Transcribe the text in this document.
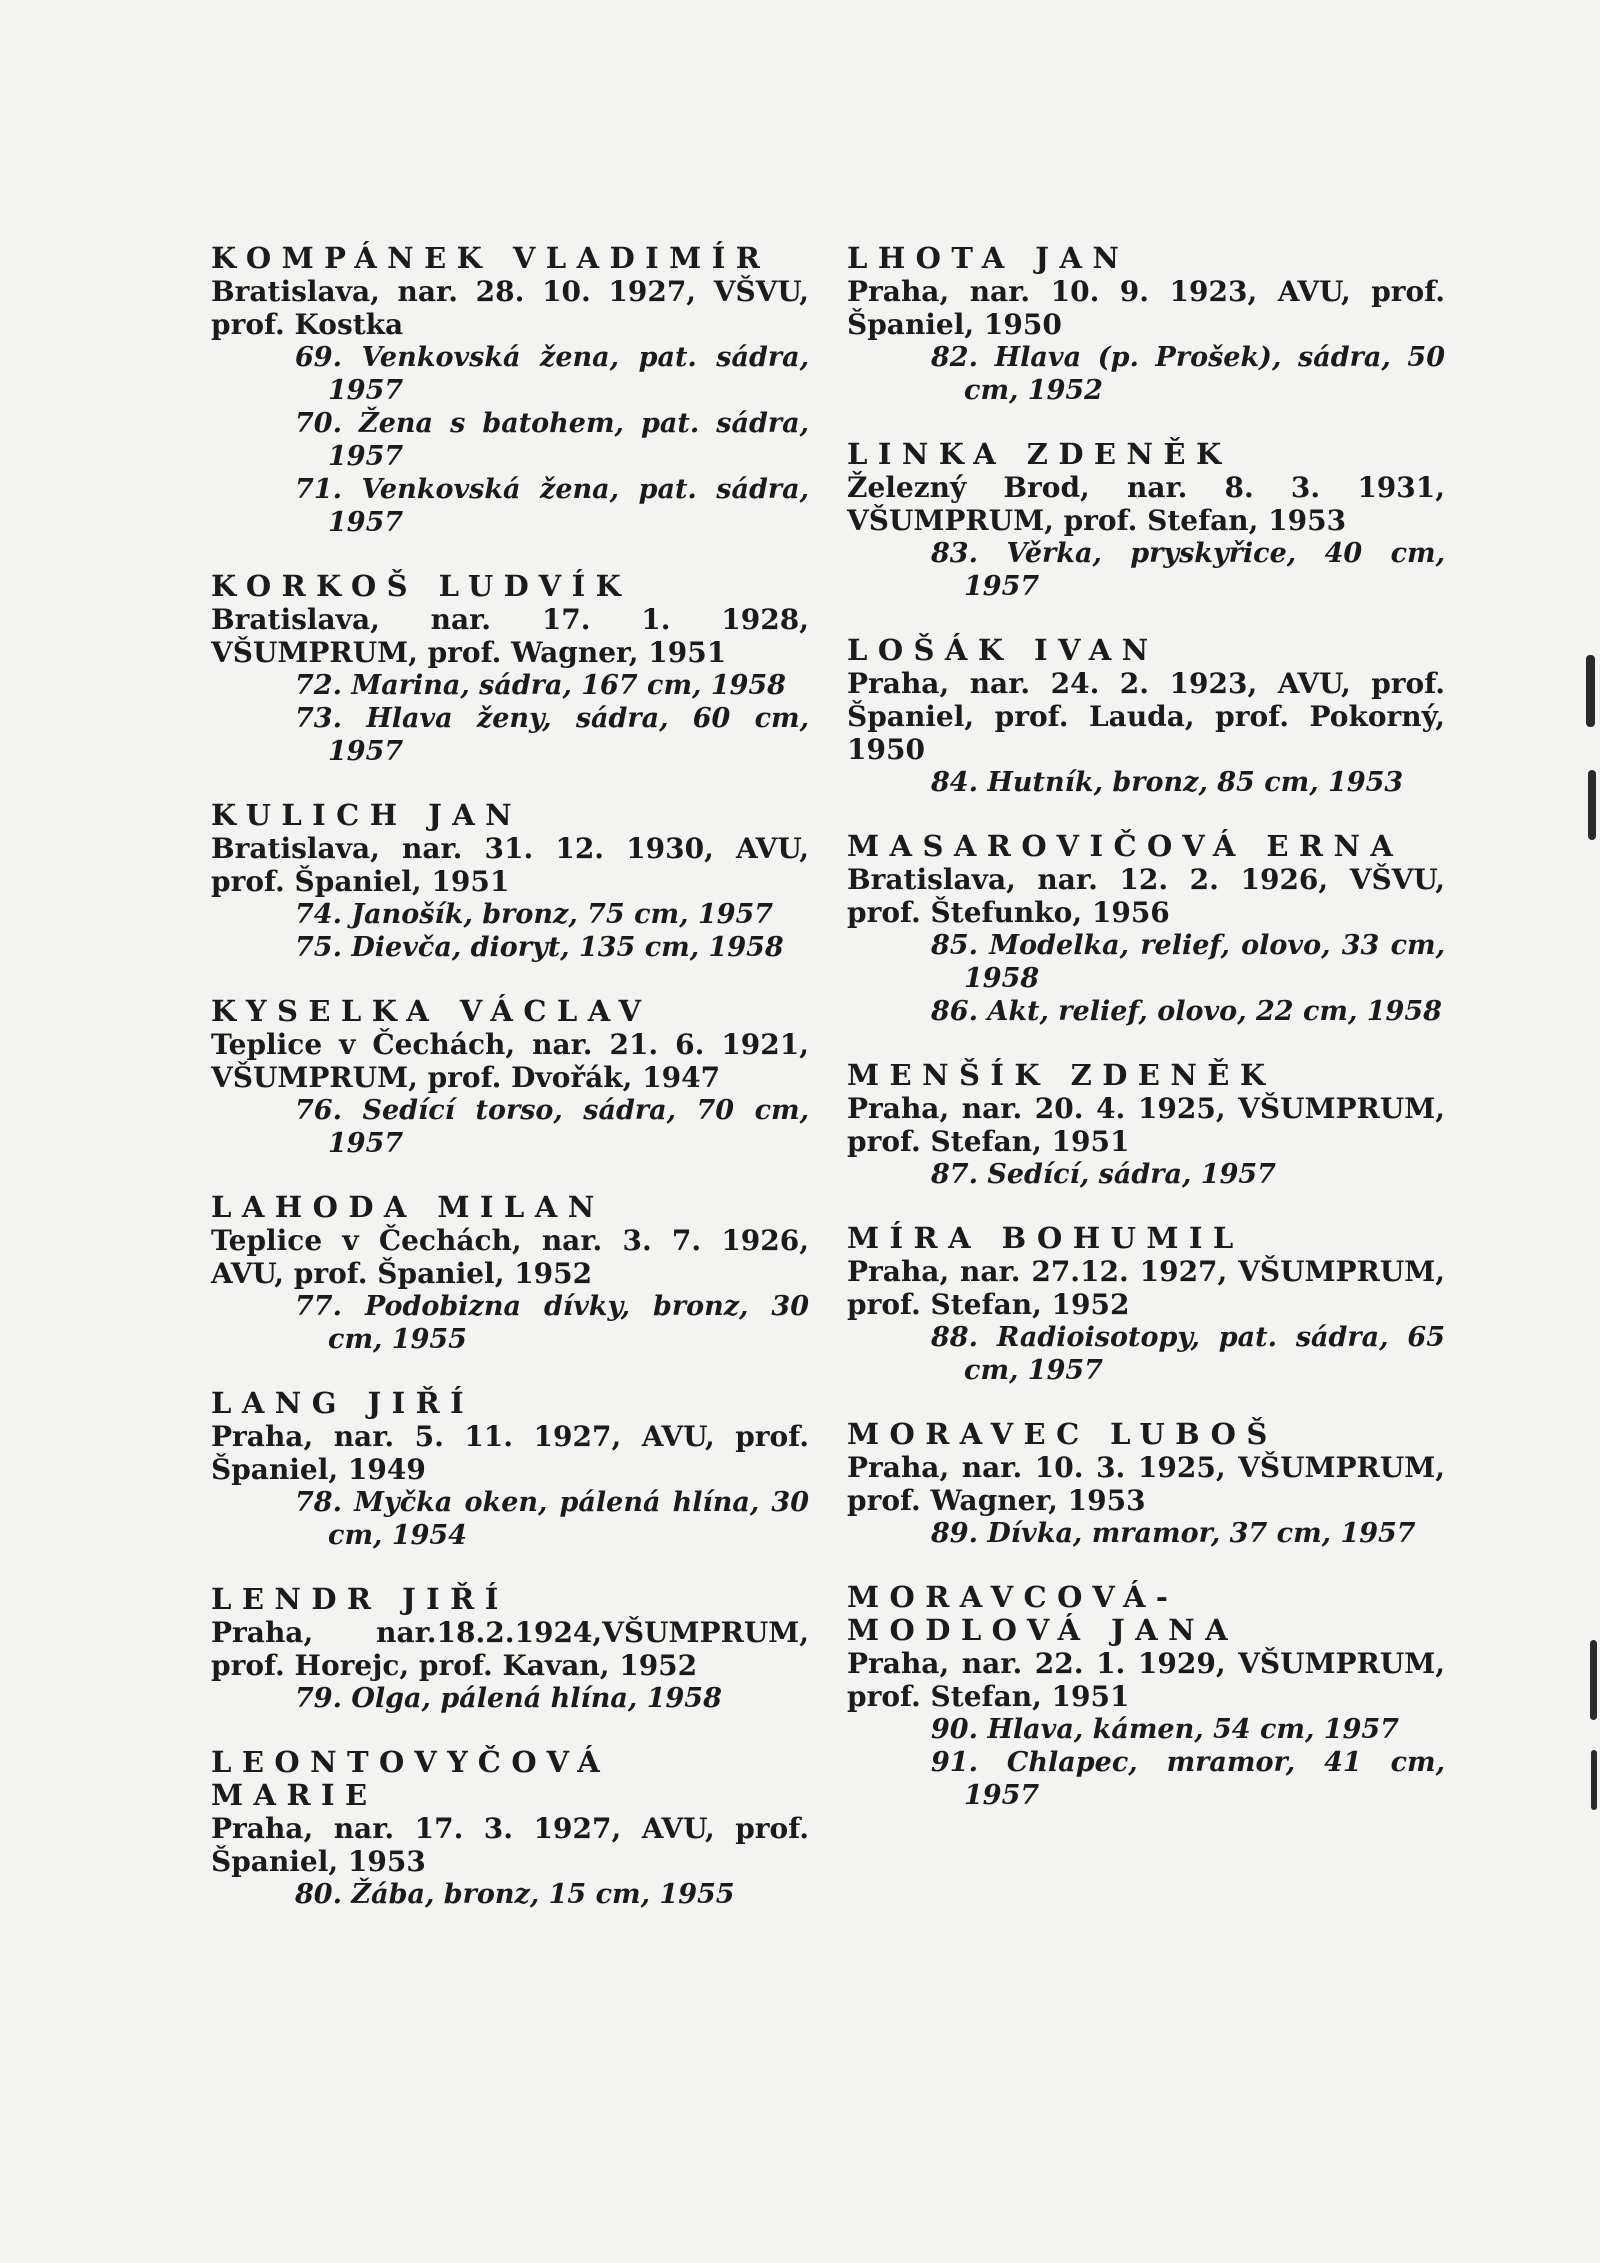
KOMPÁNEK VLADIMÍR
Bratislava, nar. 28. 10. 1927, VŠVU, prof. Kostka
69. Venkovská žena, pat. sádra, 1957
70. Žena s batohem, pat. sádra, 1957
71. Venkovská žena, pat. sádra, 1957
KORKOŠ LUDVÍK
Bratislava, nar. 17. 1. 1928, VŠUMPRUM, prof. Wagner, 1951
72. Marina, sádra, 167 cm, 1958
73. Hlava ženy, sádra, 60 cm, 1957
KULICH JAN
Bratislava, nar. 31. 12. 1930, AVU, prof. Španiel, 1951
74. Janošík, bronz, 75 cm, 1957
75. Dievča, dioryt, 135 cm, 1958
KYSELKA VÁCLAV
Teplice v Čechách, nar. 21. 6. 1921, VŠUMPRUM, prof. Dvořák, 1947
76. Sedící torso, sádra, 70 cm, 1957
LAHODA MILAN
Teplice v Čechách, nar. 3. 7. 1926, AVU, prof. Španiel, 1952
77. Podobizna dívky, bronz, 30 cm, 1955
LANG JIŘÍ
Praha, nar. 5. 11. 1927, AVU, prof. Španiel, 1949
78. Myčka oken, pálená hlína, 30 cm, 1954
LENDR JIŘÍ
Praha, nar.18.2.1924,VŠUMPRUM, prof. Horejc, prof. Kavan, 1952
79. Olga, pálená hlína, 1958
LEONTOVYČOVÁ
MARIE
Praha, nar. 17. 3. 1927, AVU, prof. Španiel, 1953
80. Žába, bronz, 15 cm, 1955
LHOTA JAN
Praha, nar. 10. 9. 1923, AVU, prof. Španiel, 1950
82. Hlava (p. Prošek), sádra, 50 cm, 1952
LINKA ZDENĚK
Železný Brod, nar. 8. 3. 1931, VŠUMPRUM, prof. Stefan, 1953
83. Věrka, pryskyřice, 40 cm, 1957
LOŠÁK IVAN
Praha, nar. 24. 2. 1923, AVU, prof. Španiel, prof. Lauda, prof. Pokorný, 1950
84. Hutník, bronz, 85 cm, 1953
MASAROVIČOVÁ ERNA
Bratislava, nar. 12. 2. 1926, VŠVU, prof. Štefunko, 1956
85. Modelka, relief, olovo, 33 cm, 1958
86. Akt, relief, olovo, 22 cm, 1958
MENŠÍK ZDENĚK
Praha, nar. 20. 4. 1925, VŠUMPRUM, prof. Stefan, 1951
87. Sedící, sádra, 1957
MÍRA BOHUMIL
Praha, nar. 27.12. 1927, VŠUMPRUM, prof. Stefan, 1952
88. Radioisotopy, pat. sádra, 65 cm, 1957
MORAVEC LUBOŠ
Praha, nar. 10. 3. 1925, VŠUMPRUM, prof. Wagner, 1953
89. Dívka, mramor, 37 cm, 1957
MORAVCOVÁ-
MODLOVÁ JANA
Praha, nar. 22. 1. 1929, VŠUMPRUM, prof. Stefan, 1951
90. Hlava, kámen, 54 cm, 1957
91. Chlapec, mramor, 41 cm, 1957
